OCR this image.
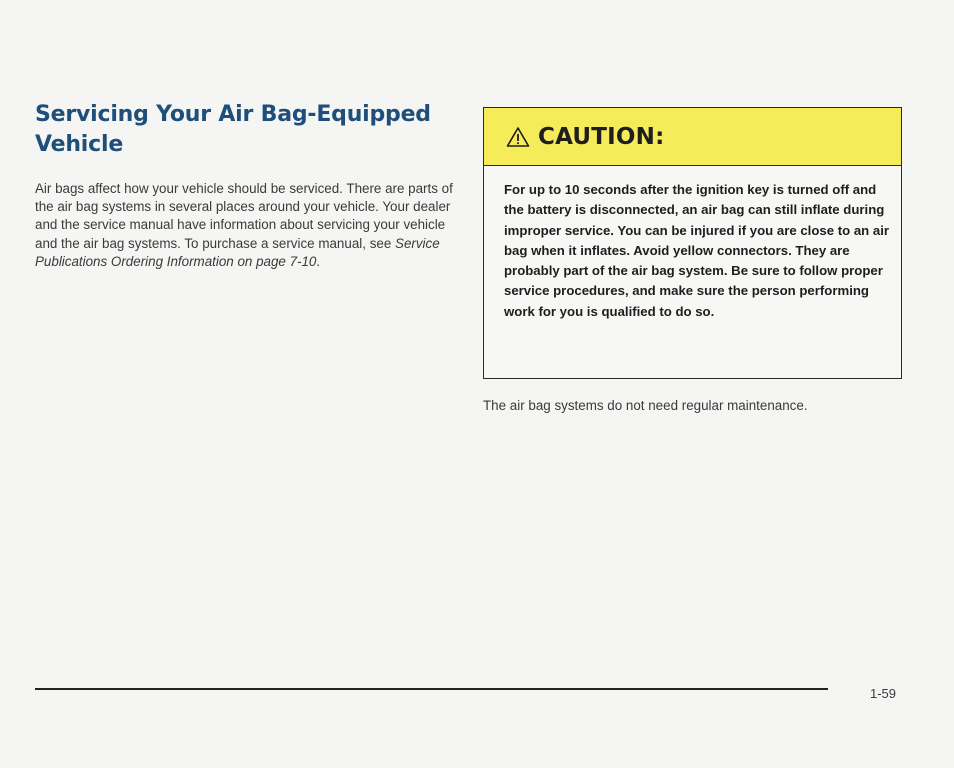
Servicing Your Air Bag-Equipped
Vehicle

Air bags affect how your vehicle should be serviced. There are parts of the air bag systems in several places around your vehicle. Your dealer and the service manual have information about servicing your vehicle and the air bag systems. To purchase a service manual, see Service Publications Ordering Information on page 7-10.

CAUTION:

For up to 10 seconds after the ignition key is turned off and the battery is disconnected, an air bag can still inflate during improper service. You can be injured if you are close to an air bag when it inflates. Avoid yellow connectors. They are probably part of the air bag system. Be sure to follow proper service procedures, and make sure the person performing work for you is qualified to do so.

The air bag systems do not need regular maintenance.

1-59
